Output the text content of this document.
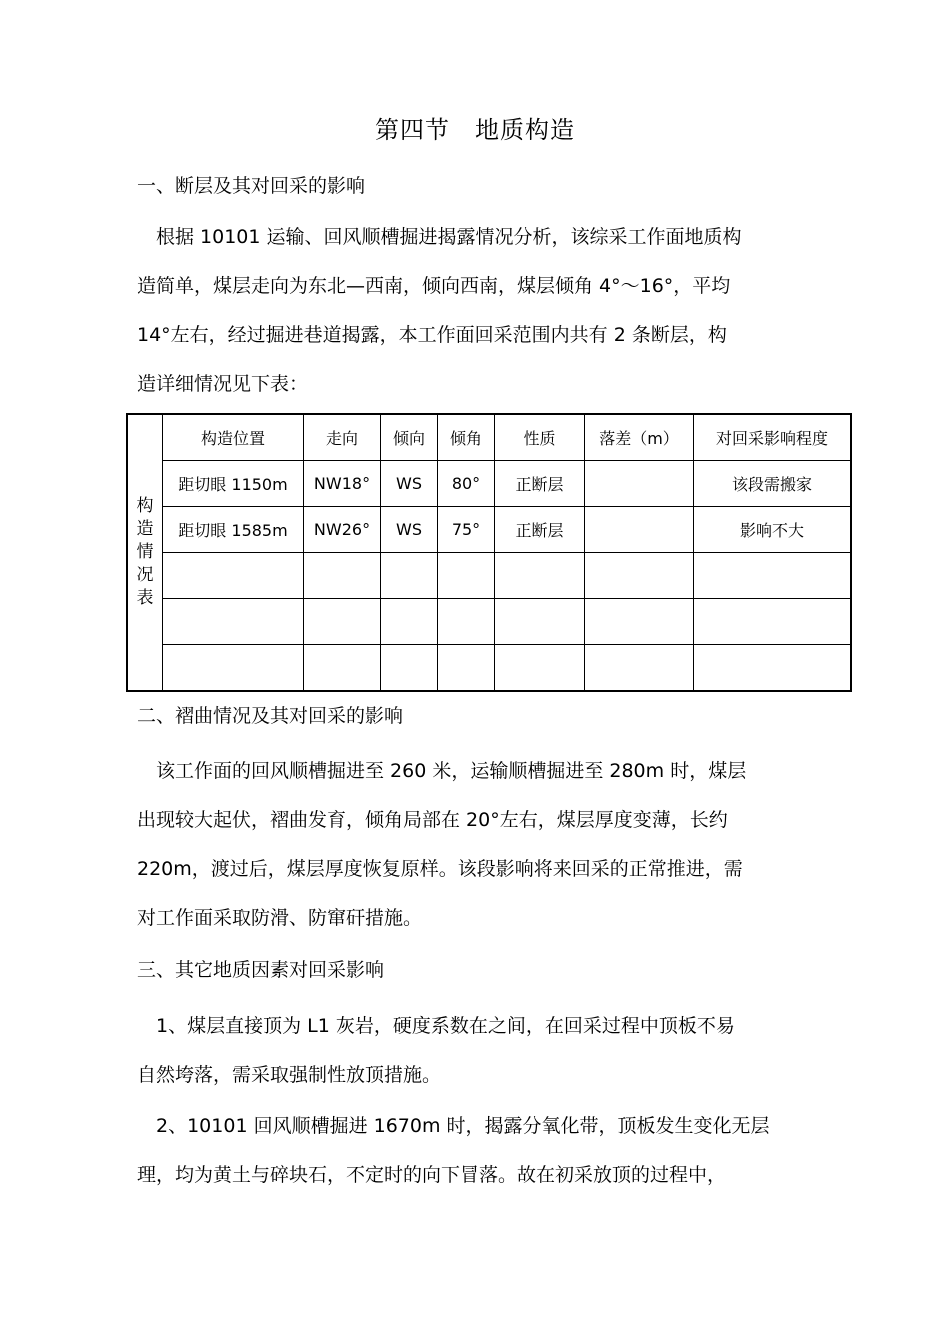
第四节　地质构造
一、断层及其对回采的影响
　根据 10101 运输、回风顺槽掘进揭露情况分析，该综采工作面地质构
造简单，煤层走向为东北—西南，倾向西南，煤层倾角 4°～16°，平均
14°左右，经过掘进巷道揭露，本工作面回采范围内共有 2 条断层，构
造详细情况见下表：
构造情况表	构造位置	走向	倾向	倾角	性质	落差（m）	对回采影响程度
	距切眼 1150m	NW18°	WS	80°	正断层		该段需搬家
	距切眼 1585m	NW26°	WS	75°	正断层		影响不大

二、褶曲情况及其对回采的影响
　该工作面的回风顺槽掘进至 260 米，运输顺槽掘进至 280m 时，煤层
出现较大起伏，褶曲发育，倾角局部在 20°左右，煤层厚度变薄，长约
220m，渡过后，煤层厚度恢复原样。该段影响将来回采的正常推进，需
对工作面采取防滑、防窜矸措施。
三、其它地质因素对回采影响
　1、煤层直接顶为 L1 灰岩，硬度系数在之间，在回采过程中顶板不易
自然垮落，需采取强制性放顶措施。
　2、10101 回风顺槽掘进 1670m 时，揭露分氧化带，顶板发生变化无层
理，均为黄土与碎块石，不定时的向下冒落。故在初采放顶的过程中，
